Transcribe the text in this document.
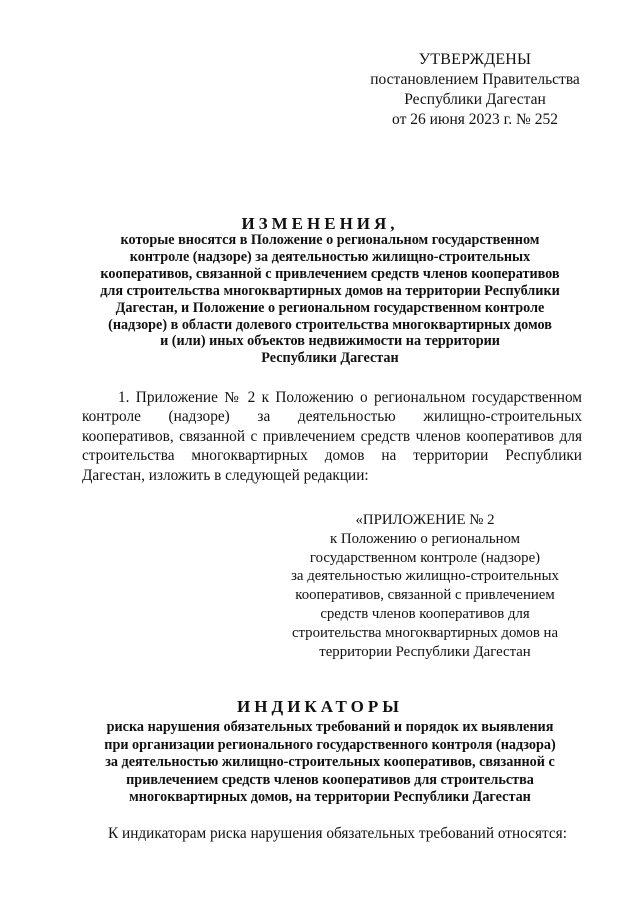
УТВЕРЖДЕНЫ
постановлением Правительства
Республики Дагестан
от 26 июня 2023 г. № 252
ИЗМЕНЕНИЯ,
которые вносятся в Положение о региональном государственном
контроле (надзоре) за деятельностью жилищно-строительных
кооперативов, связанной с привлечением средств членов кооперативов
для строительства многоквартирных домов на территории Республики
Дагестан, и Положение о региональном государственном контроле
(надзоре) в области долевого строительства многоквартирных домов
и (или) иных объектов недвижимости на территории
Республики Дагестан
1. Приложение № 2 к Положению о региональном государственном контроле (надзоре) за деятельностью жилищно-строительных кооперативов, связанной с привлечением средств членов кооперативов для строительства многоквартирных домов на территории Республики Дагестан, изложить в следующей редакции:
«ПРИЛОЖЕНИЕ № 2
к Положению о региональном
государственном контроле (надзоре)
за деятельностью жилищно-строительных
кооперативов, связанной с привлечением
средств членов кооперативов для
строительства многоквартирных домов на
территории Республики Дагестан
ИНДИКАТОРЫ
риска нарушения обязательных требований и порядок их выявления
при организации регионального государственного контроля (надзора)
за деятельностью жилищно-строительных кооперативов, связанной с
привлечением средств членов кооперативов для строительства
многоквартирных домов, на территории Республики Дагестан
К индикаторам риска нарушения обязательных требований относятся:
